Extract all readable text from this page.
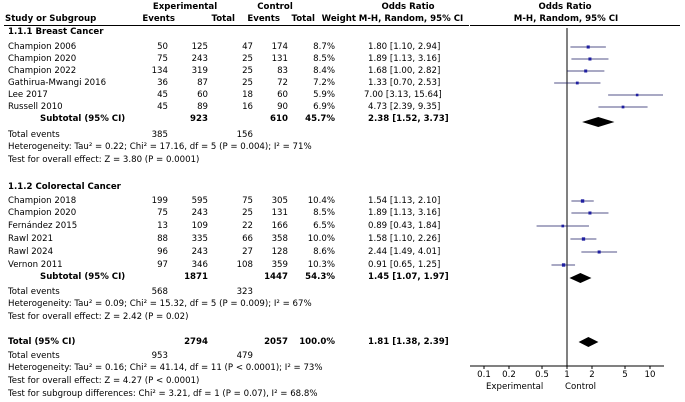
Experimental	Control	Odds Ratio	Odds Ratio
Study or Subgroup	Events	Total	Events	Total Weight M-H, Random, 95% CI	M-H, Random, 95% CI
1.1.1 Breast Cancer
Champion 2006	50	125	47	174	8.7%	1.80 [1.10, 2.94]
Champion 2020	75	243	25	131	8.5%	1.89 [1.13, 3.16]
Champion 2022	134	319	25	83	8.4%	1.68 [1.00, 2.82]
Gathirua-Mwangi 2016	36	87	25	72	7.2%	1.33 [0.70, 2.53]
Lee 2017	45	60	18	60	5.9%	7.00 [3.13, 15.64]
Russell 2010	45	89	16	90	6.9%	4.73 [2.39, 9.35]
Subtotal (95% CI)	923	610	45.7%	2.38 [1.52, 3.73]
Total events	385	156
Heterogeneity: Tau² = 0.22; Chi² = 17.16, df = 5 (P = 0.004); I² = 71%
Test for overall effect: Z = 3.80 (P = 0.0001)
1.1.2 Colorectal Cancer
Champion 2018	199	595	75	305	10.4%	1.54 [1.13, 2.10]
Champion 2020	75	243	25	131	8.5%	1.89 [1.13, 3.16]
Fernández 2015	13	109	22	166	6.5%	0.89 [0.43, 1.84]
Rawl 2021	88	335	66	358	10.0%	1.58 [1.10, 2.26]
Rawl 2024	96	243	27	128	8.6%	2.44 [1.49, 4.01]
Vernon 2011	97	346	108	359	10.3%	0.91 [0.65, 1.25]
Subtotal (95% CI)	1871	1447	54.3%	1.45 [1.07, 1.97]
Total events	568	323
Heterogeneity: Tau² = 0.09; Chi² = 15.32, df = 5 (P = 0.009); I² = 67%
Test for overall effect: Z = 2.42 (P = 0.02)
Total (95% CI)	2794	2057	100.0%	1.81 [1.38, 2.39]
Total events	953	479
Heterogeneity: Tau² = 0.16; Chi² = 41.14, df = 11 (P < 0.0001); I² = 73%
Test for overall effect: Z = 4.27 (P < 0.0001)
Test for subgroup differences: Chi² = 3.21, df = 1 (P = 0.07), I² = 68.8%
0.1	0.2	0.5	1	2	5	10
Experimental	Control
